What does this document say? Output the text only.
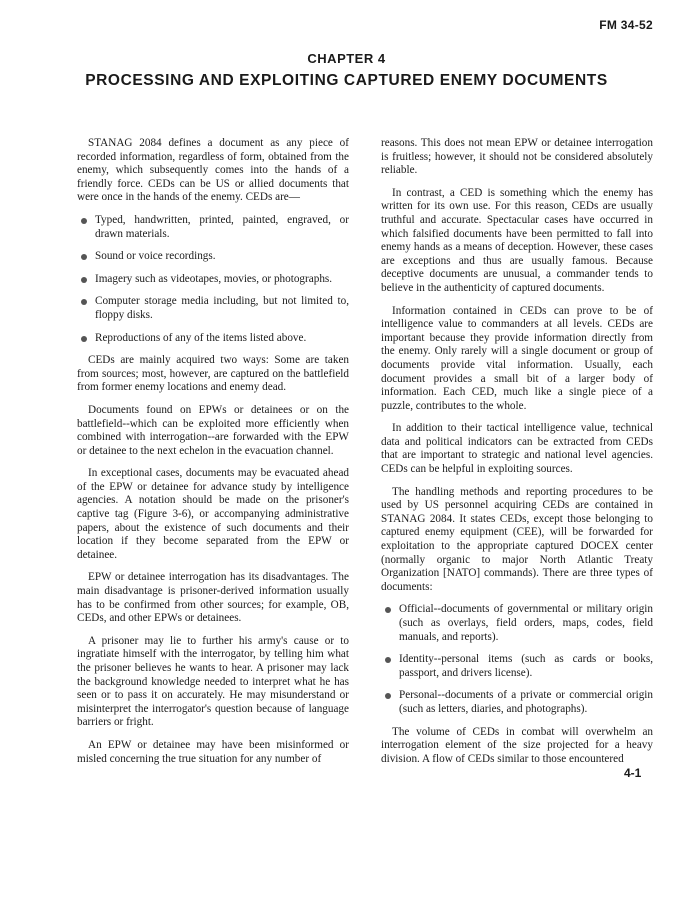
FM 34-52
CHAPTER 4
PROCESSING AND EXPLOITING CAPTURED ENEMY DOCUMENTS

STANAG 2084 defines a document as any piece of recorded information, regardless of form, obtained from the enemy, which subsequently comes into the hands of a friendly force. CEDs can be US or allied documents that were once in the hands of the enemy. CEDs are—

Typed, handwritten, printed, painted, engraved, or drawn materials.
Sound or voice recordings.
Imagery such as videotapes, movies, or photographs.
Computer storage media including, but not limited to, floppy disks.
Reproductions of any of the items listed above.

CEDs are mainly acquired two ways: Some are taken from sources; most, however, are captured on the battlefield from former enemy locations and enemy dead.

Documents found on EPWs or detainees or on the battlefield--which can be exploited more efficiently when combined with interrogation--are forwarded with the EPW or detainee to the next echelon in the evacuation channel.

In exceptional cases, documents may be evacuated ahead of the EPW or detainee for advance study by intelligence agencies. A notation should be made on the prisoner's captive tag (Figure 3-6), or accompanying administrative papers, about the existence of such documents and their location if they become separated from the EPW or detainee.

EPW or detainee interrogation has its disadvantages. The main disadvantage is prisoner-derived information usually has to be confirmed from other sources; for example, OB, CEDs, and other EPWs or detainees.

A prisoner may lie to further his army's cause or to ingratiate himself with the interrogator, by telling him what the prisoner believes he wants to hear. A prisoner may lack the background knowledge needed to interpret what he has seen or to pass it on accurately. He may misunderstand or misinterpret the interrogator's question because of language barriers or fright.

An EPW or detainee may have been misinformed or misled concerning the true situation for any number of

reasons. This does not mean EPW or detainee interrogation is fruitless; however, it should not be considered absolutely reliable.

In contrast, a CED is something which the enemy has written for its own use. For this reason, CEDs are usually truthful and accurate. Spectacular cases have occurred in which falsified documents have been permitted to fall into enemy hands as a means of deception. However, these cases are exceptions and thus are usually famous. Because deceptive documents are unusual, a commander tends to believe in the authenticity of captured documents.

Information contained in CEDs can prove to be of intelligence value to commanders at all levels. CEDs are important because they provide information directly from the enemy. Only rarely will a single document or group of documents provide vital information. Usually, each document provides a small bit of a larger body of information. Each CED, much like a single piece of a puzzle, contributes to the whole.

In addition to their tactical intelligence value, technical data and political indicators can be extracted from CEDs that are important to strategic and national level agencies. CEDs can be helpful in exploiting sources.

The handling methods and reporting procedures to be used by US personnel acquiring CEDs are contained in STANAG 2084. It states CEDs, except those belonging to captured enemy equipment (CEE), will be forwarded for exploitation to the appropriate captured DOCEX center (normally organic to major North Atlantic Treaty Organization [NATO] commands). There are three types of documents:

Official--documents of governmental or military origin (such as overlays, field orders, maps, codes, field manuals, and reports).
Identity--personal items (such as cards or books, passport, and drivers license).
Personal--documents of a private or commercial origin (such as letters, diaries, and photographs).

The volume of CEDs in combat will overwhelm an interrogation element of the size projected for a heavy division. A flow of CEDs similar to those encountered

4-1
